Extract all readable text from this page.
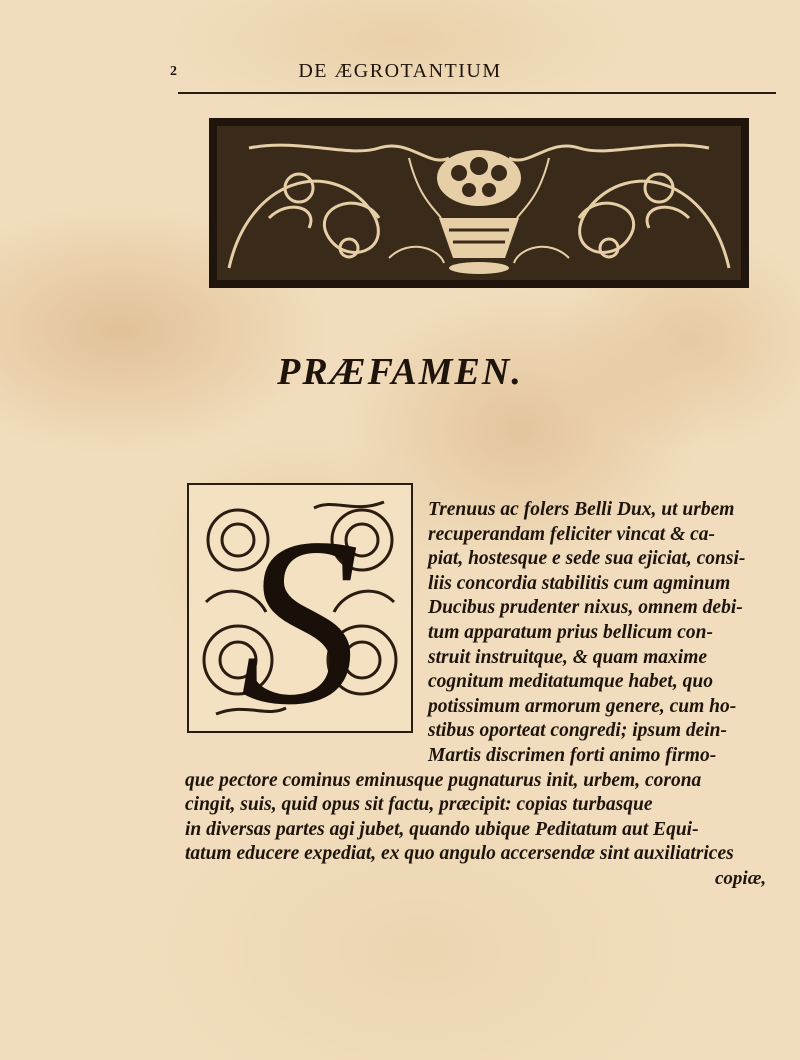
2	DE ÆGROTANTIUM
PRÆFAMEN.
S	Trenuus ac folers Belli Dux, ut urbem
recuperandam feliciter vincat & ca-
piat, hostesque e sede sua ejiciat, consi-
liis concordia stabilitis cum agminum
Ducibus prudenter nixus, omnem debi-
tum apparatum prius bellicum con-
struit instruitque, & quam maxime
cognitum meditatumque habet, quo
potissimum armorum genere, cum ho-
stibus oporteat congredi; ipsum dein-
Martis discrimen forti animo firmo-
que pectore cominus eminusque pugnaturus init, urbem, corona
cingit, suis, quid opus sit factu, præcipit: copias turbasque
in diversas partes agi jubet, quando ubique Peditatum aut Equi-
tatum educere expediat, ex quo angulo accersendæ sint auxiliatrices
copiæ,
